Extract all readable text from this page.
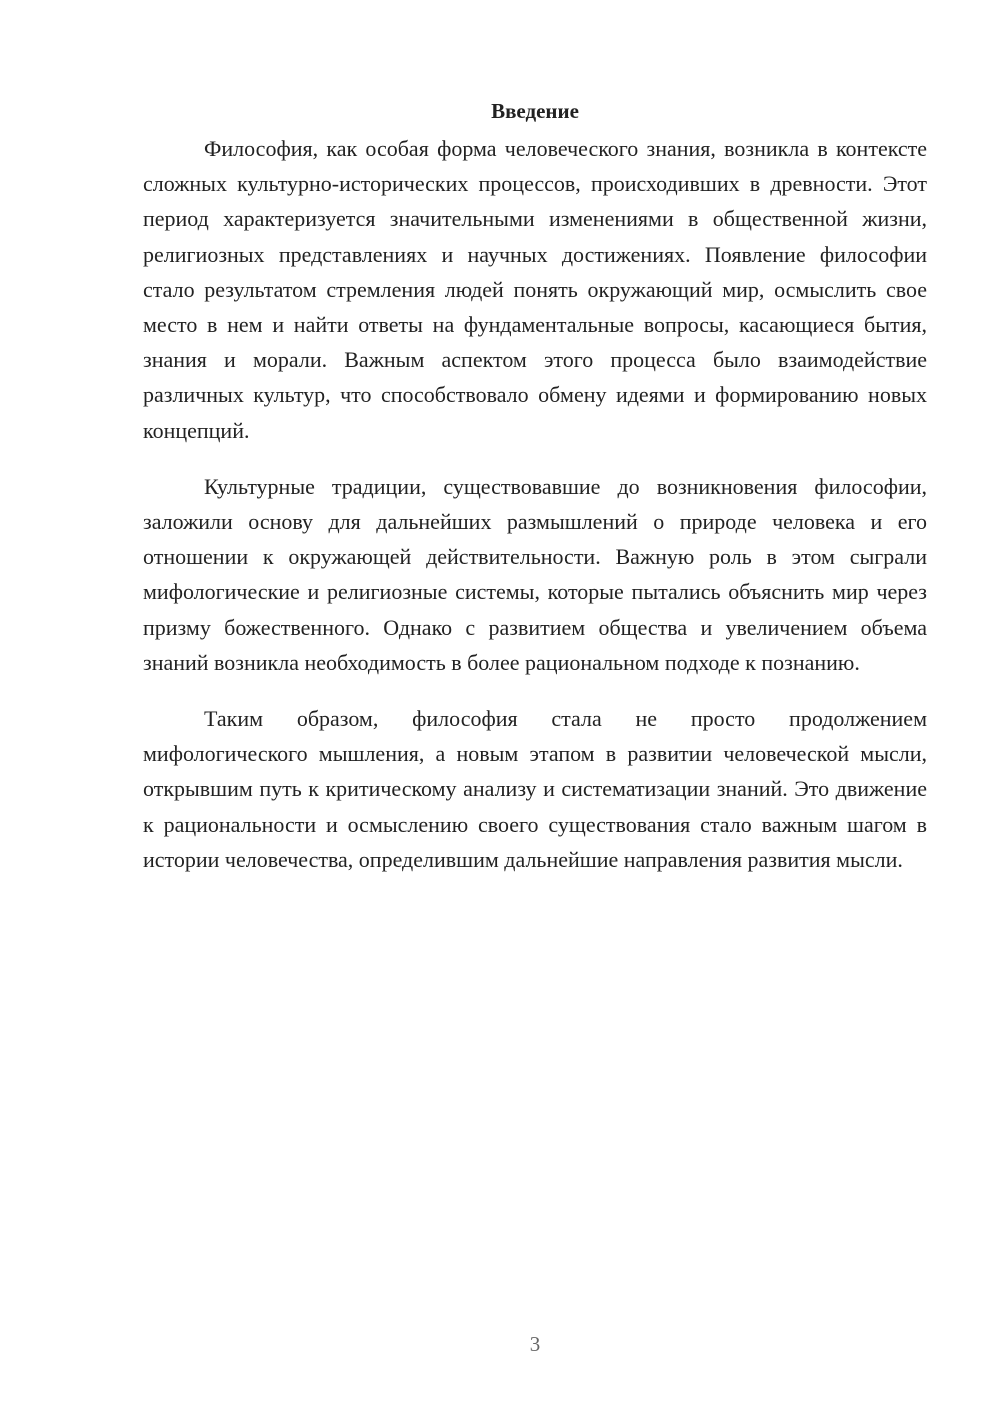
Введение

Философия, как особая форма человеческого знания, возникла в контексте сложных культурно-исторических процессов, происходивших в древности. Этот период характеризуется значительными изменениями в общественной жизни, религиозных представлениях и научных достижениях. Появление философии стало результатом стремления людей понять окружающий мир, осмыслить свое место в нем и найти ответы на фундаментальные вопросы, касающиеся бытия, знания и морали. Важным аспектом этого процесса было взаимодействие различных культур, что способствовало обмену идеями и формированию новых концепций.

Культурные традиции, существовавшие до возникновения философии, заложили основу для дальнейших размышлений о природе человека и его отношении к окружающей действительности. Важную роль в этом сыграли мифологические и религиозные системы, которые пытались объяснить мир через призму божественного. Однако с развитием общества и увеличением объема знаний возникла необходимость в более рациональном подходе к познанию.

Таким образом, философия стала не просто продолжением мифологического мышления, а новым этапом в развитии человеческой мысли, открывшим путь к критическому анализу и систематизации знаний. Это движение к рациональности и осмыслению своего существования стало важным шагом в истории человечества, определившим дальнейшие направления развития мысли.

3
